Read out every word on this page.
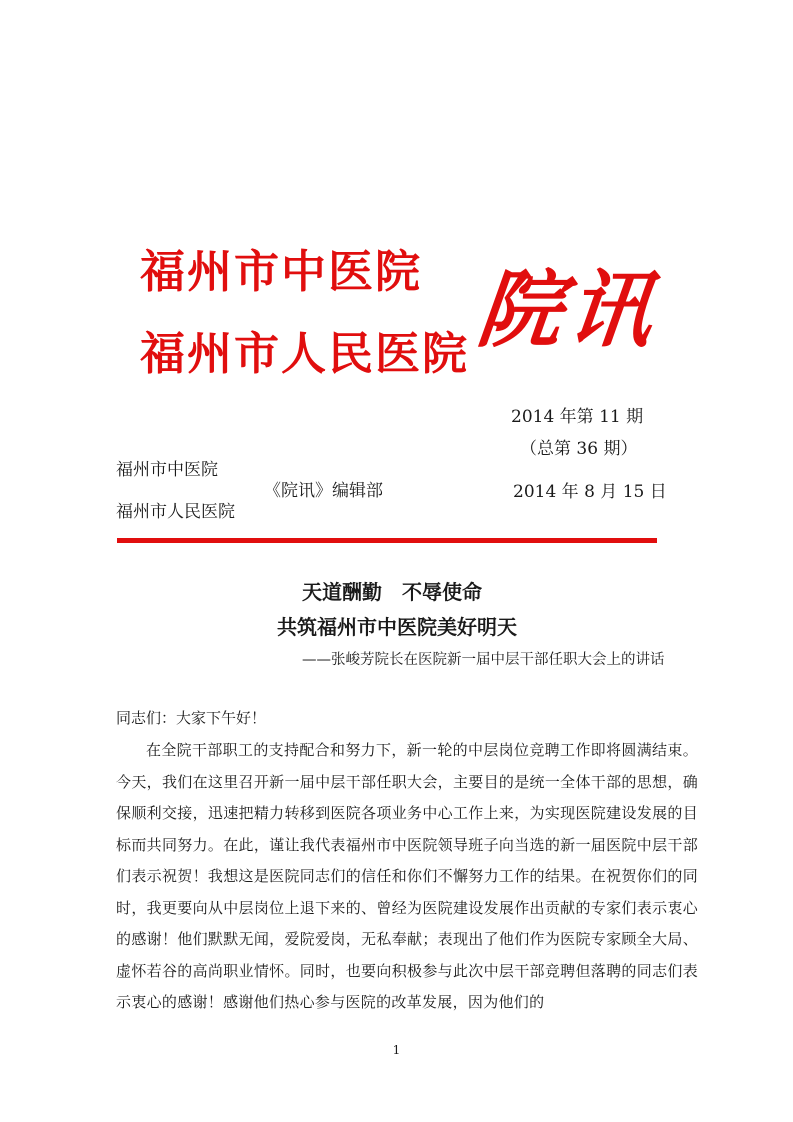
福州市中医院
福州市人民医院 院讯
2014 年第 11 期
（总第 36 期）
2014 年 8 月 15 日
福州市中医院
福州市人民医院
《院讯》编辑部
天道酬勤　不辱使命
共筑福州市中医院美好明天
——张峻芳院长在医院新一届中层干部任职大会上的讲话
同志们：大家下午好！

在全院干部职工的支持配合和努力下，新一轮的中层岗位竞聘工作即将圆满结束。今天，我们在这里召开新一届中层干部任职大会，主要目的是统一全体干部的思想，确保顺利交接，迅速把精力转移到医院各项业务中心工作上来，为实现医院建设发展的目标而共同努力。在此，谨让我代表福州市中医院领导班子向当选的新一届医院中层干部们表示祝贺！我想这是医院同志们的信任和你们不懈努力工作的结果。在祝贺你们的同时，我更要向从中层岗位上退下来的、曾经为医院建设发展作出贡献的专家们表示衷心的感谢！他们默默无闻，爱院爱岗，无私奉献；表现出了他们作为医院专家顾全大局、虚怀若谷的高尚职业情怀。同时，也要向积极参与此次中层干部竞聘但落聘的同志们表示衷心的感谢！感谢他们热心参与医院的改革发展，因为他们的

1
